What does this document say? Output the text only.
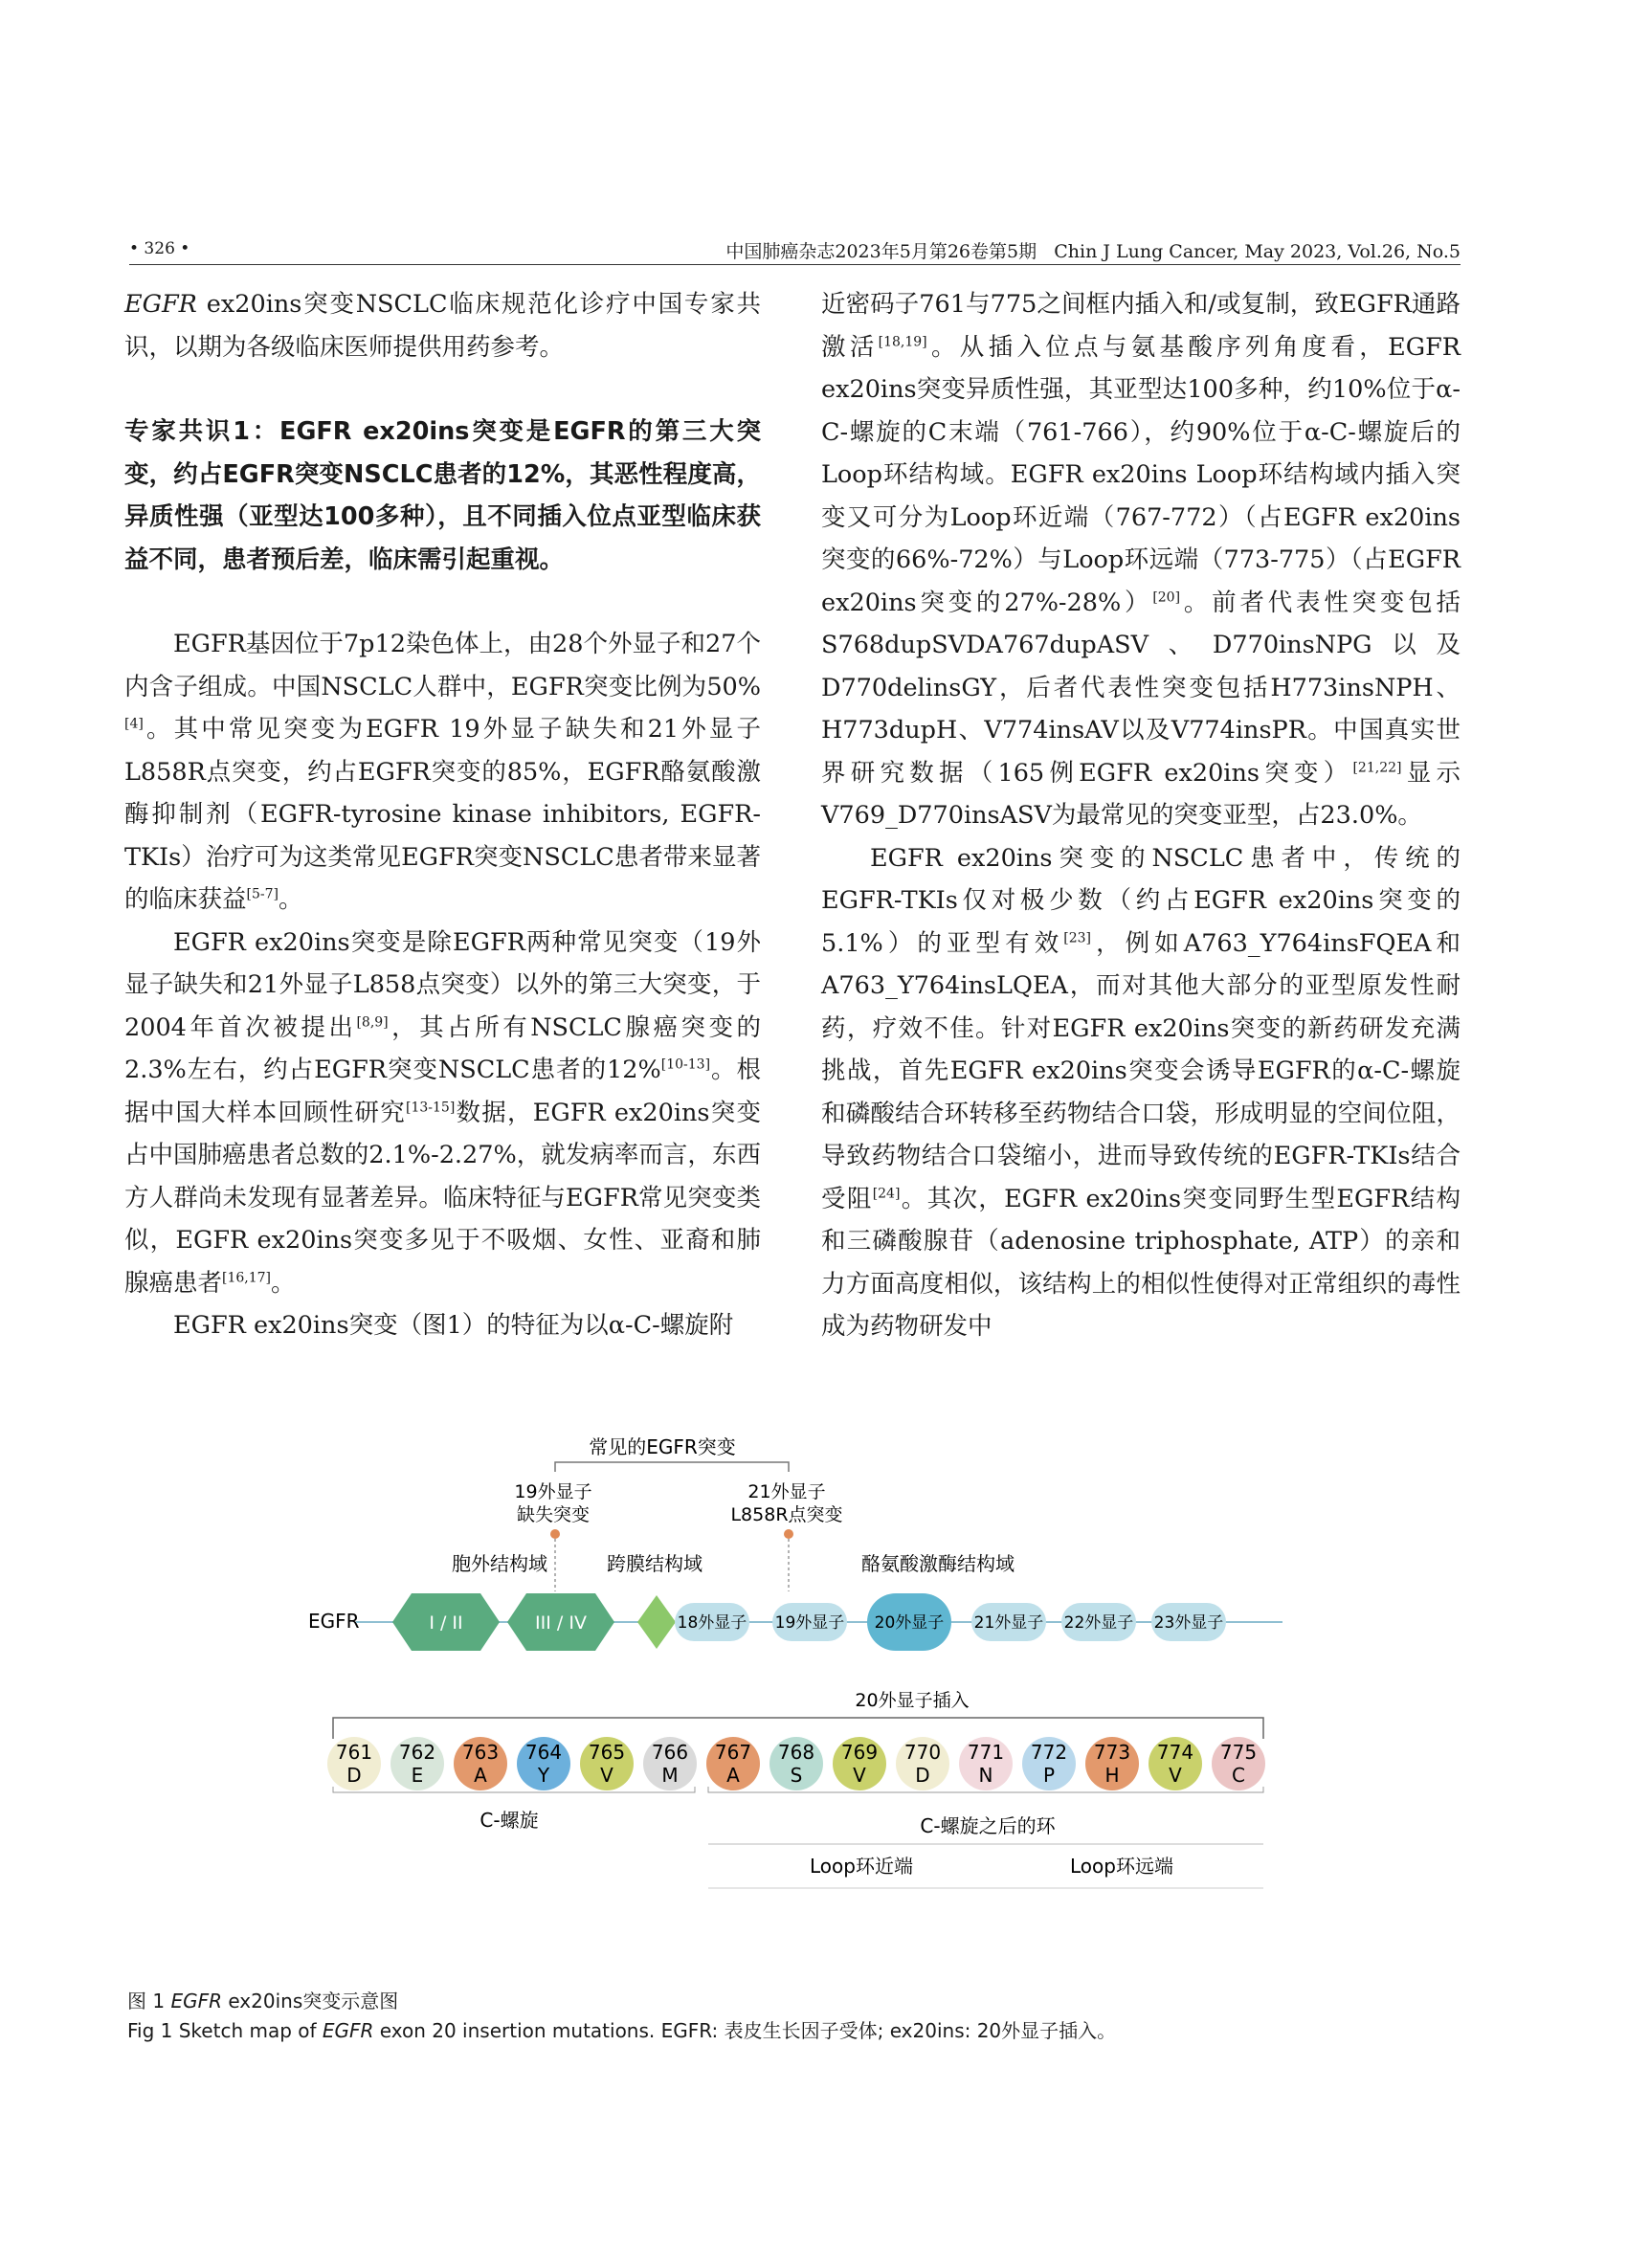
• 326 •	中国肺癌杂志2023年5月第26卷第5期 Chin J Lung Cancer, May 2023, Vol.26, No.5

EGFR ex20ins突变NSCLC临床规范化诊疗中国专家共识，以期为各级临床医师提供用药参考。

专家共识1：EGFR ex20ins突变是EGFR的第三大突变，约占EGFR突变NSCLC患者的12%，其恶性程度高，异质性强（亚型达100多种），且不同插入位点亚型临床获益不同，患者预后差，临床需引起重视。

EGFR基因位于7p12染色体上，由28个外显子和27个内含子组成。中国NSCLC人群中，EGFR突变比例为50%[4]。其中常见突变为EGFR 19外显子缺失和21外显子L858R点突变，约占EGFR突变的85%，EGFR酪氨酸激酶抑制剂（EGFR-tyrosine kinase inhibitors, EGFR-TKIs）治疗可为这类常见EGFR突变NSCLC患者带来显著的临床获益[5-7]。

EGFR ex20ins突变是除EGFR两种常见突变（19外显子缺失和21外显子L858点突变）以外的第三大突变，于2004年首次被提出[8,9]，其占所有NSCLC腺癌突变的2.3%左右，约占EGFR突变NSCLC患者的12%[10-13]。根据中国大样本回顾性研究[13-15]数据，EGFR ex20ins突变占中国肺癌患者总数的2.1%-2.27%，就发病率而言，东西方人群尚未发现有显著差异。临床特征与EGFR常见突变类似，EGFR ex20ins突变多见于不吸烟、女性、亚裔和肺腺癌患者[16,17]。

EGFR ex20ins突变（图1）的特征为以α-C-螺旋附

近密码子761与775之间框内插入和/或复制，致EGFR通路激活[18,19]。从插入位点与氨基酸序列角度看，EGFR ex20ins突变异质性强，其亚型达100多种，约10%位于α-C-螺旋的C末端（761-766），约90%位于α-C-螺旋后的Loop环结构域。EGFR ex20ins Loop环结构域内插入突变又可分为Loop环近端（767-772）（占EGFR ex20ins突变的66%-72%）与Loop环远端（773-775）（占EGFR ex20ins突变的27%-28%）[20]。前者代表性突变包括S768dupSVDA767dupASV、D770insNPG以及D770delinsGY，后者代表性突变包括H773insNPH、H773dupH、V774insAV以及V774insPR。中国真实世界研究数据（165例EGFR ex20ins突变）[21,22]显示V769_D770insASV为最常见的突变亚型，占23.0%。

EGFR ex20ins突变的NSCLC患者中，传统的EGFR-TKIs仅对极少数（约占EGFR ex20ins突变的5.1%）的亚型有效[23]，例如A763_Y764insFQEA和A763_Y764insLQEA，而对其他大部分的亚型原发性耐药，疗效不佳。针对EGFR ex20ins突变的新药研发充满挑战，首先EGFR ex20ins突变会诱导EGFR的α-C-螺旋和磷酸结合环转移至药物结合口袋，形成明显的空间位阻，导致药物结合口袋缩小，进而导致传统的EGFR-TKIs结合受阻[24]。其次，EGFR ex20ins突变同野生型EGFR结构和三磷酸腺苷（adenosine triphosphate, ATP）的亲和力方面高度相似，该结构上的相似性使得对正常组织的毒性成为药物研发中

常见的EGFR突变
19外显子
缺失突变
21外显子
L858R点突变
胞外结构域	跨膜结构域	酪氨酸激酶结构域
EGFR	I / II	III / IV	18外显子 19外显子 20外显子 21外显子 22外显子 23外显子
20外显子插入
761
D
762
E
763
A
764
Y
765
V
766
M
767
A
768
S
769
V
770
D
771
N
772
P
773
H
774
V
775
C
C-螺旋	C-螺旋之后的环
Loop环近端	Loop环远端
图 1 EGFR ex20ins突变示意图
Fig 1 Sketch map of EGFR exon 20 insertion mutations. EGFR: 表皮生长因子受体; ex20ins: 20外显子插入。
